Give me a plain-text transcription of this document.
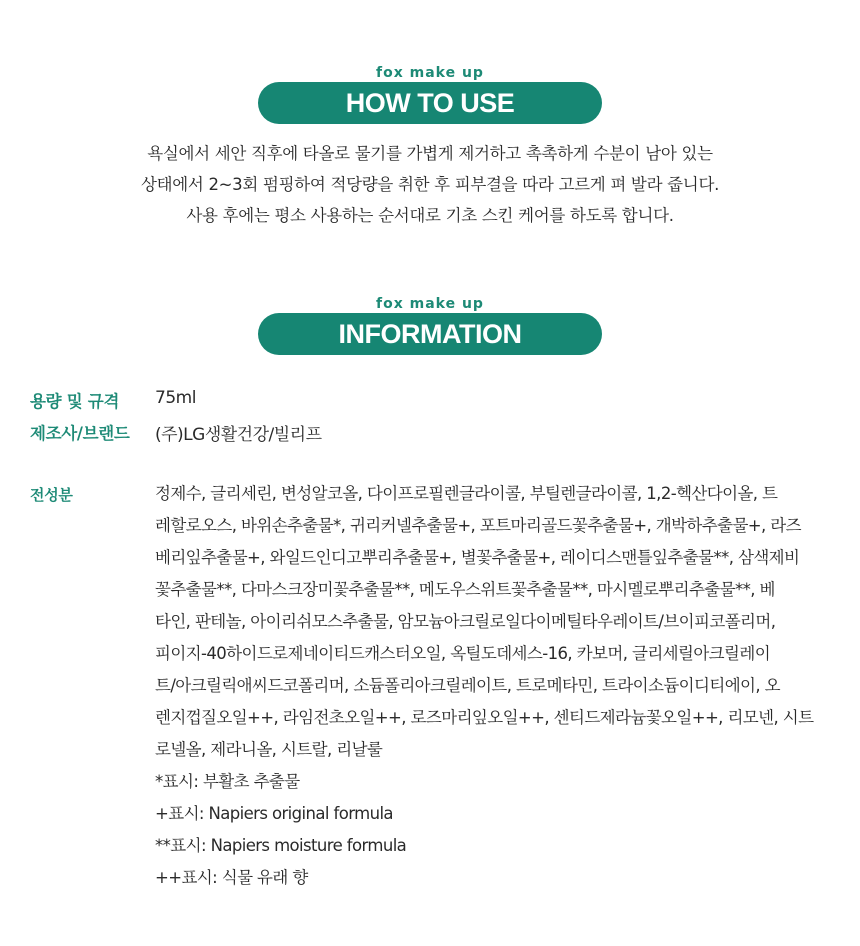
fox make up
HOW TO USE

욕실에서 세안 직후에 타올로 물기를 가볍게 제거하고 촉촉하게 수분이 남아 있는

상태에서 2~3회 펌핑하여 적당량을 취한 후 피부결을 따라 고르게 펴 발라 줍니다.

사용 후에는 평소 사용하는 순서대로 기초 스킨 케어를 하도록 합니다.

fox make up
INFORMATION
용량 및 규격 75ml
제조사/브랜드 (주)LG생활건강/빌리프
전성분	정제수, 글리세린, 변성알코올, 다이프로필렌글라이콜, 부틸렌글라이콜, 1,2-헥산다이올, 트

레할로오스, 바위손추출물*, 귀리커넬추출물+, 포트마리골드꽃추출물+, 개박하추출물+, 라즈

베리잎추출물+, 와일드인디고뿌리추출물+, 별꽃추출물+, 레이디스맨틀잎추출물**, 삼색제비

꽃추출물**, 다마스크장미꽃추출물**, 메도우스위트꽃추출물**, 마시멜로뿌리추출물**, 베

타인, 판테놀, 아이리쉬모스추출물, 암모늄아크릴로일다이메틸타우레이트/브이피코폴리머,

피이지-40하이드로제네이티드캐스터오일, 옥틸도데세스-16, 카보머, 글리세릴아크릴레이

트/아크릴릭애씨드코폴리머, 소듐폴리아크릴레이트, 트로메타민, 트라이소듐이디티에이, 오

렌지껍질오일++, 라임전초오일++, 로즈마리잎오일++, 센티드제라늄꽃오일++, 리모넨, 시트

로넬올, 제라니올, 시트랄, 리날룰

*표시: 부활초 추출물

+표시: Napiers original formula

**표시: Napiers moisture formula

++표시: 식물 유래 향
